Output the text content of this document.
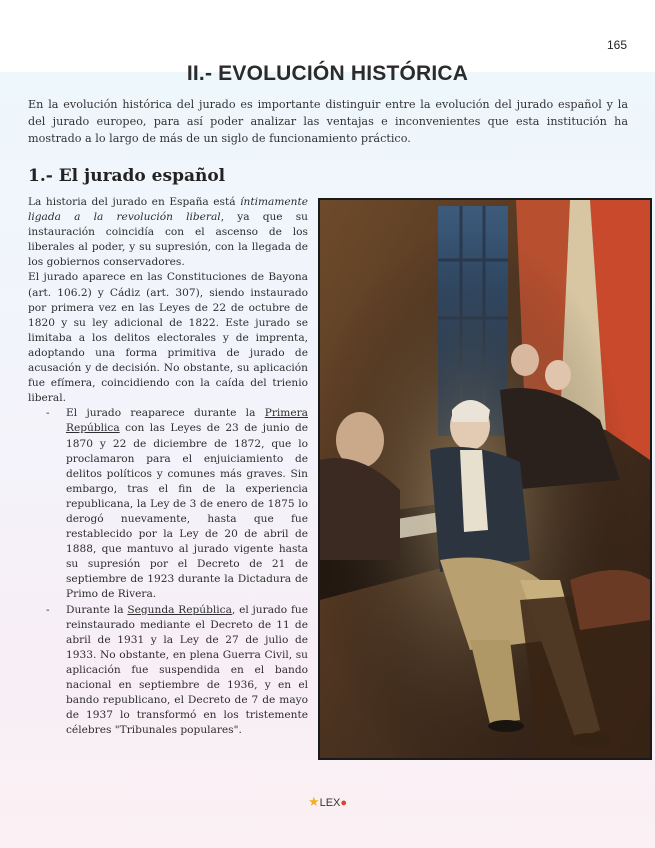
165
II.- EVOLUCIÓN HISTÓRICA

En la evolución histórica del jurado es importante distinguir entre la evolución del jurado español y la del jurado europeo, para así poder analizar las ventajas e inconvenientes que esta institución ha mostrado a lo largo de más de un siglo de funcionamiento práctico.

1.- El jurado español

La historia del jurado en España está íntimamente ligada a la revolución liberal, ya que su instauración coincidía con el ascenso de los liberales al poder, y su supresión, con la llegada de los gobiernos conservadores.

El jurado aparece en las Constituciones de Bayona (art. 106.2) y Cádiz (art. 307), siendo instaurado por primera vez en las Leyes de 22 de octubre de 1820 y su ley adicional de 1822. Este jurado se limitaba a los delitos electorales y de imprenta, adoptando una forma primitiva de jurado de acusación y de decisión. No obstante, su aplicación fue efímera, coincidiendo con la caída del trienio liberal.

- El jurado reaparece durante la Primera República con las Leyes de 23 de junio de 1870 y 22 de diciembre de 1872, que lo proclamaron para el enjuiciamiento de delitos políticos y comunes más graves. Sin embargo, tras el fin de la experiencia republicana, la Ley de 3 de enero de 1875 lo derogó nuevamente, hasta que fue restablecido por la Ley de 20 de abril de 1888, que mantuvo al jurado vigente hasta su supresión por el Decreto de 21 de septiembre de 1923 durante la Dictadura de Primo de Rivera.
- Durante la Segunda República, el jurado fue reinstaurado mediante el Decreto de 11 de abril de 1931 y la Ley de 27 de julio de 1933. No obstante, en plena Guerra Civil, su aplicación fue suspendida en el bando nacional en septiembre de 1936, y en el bando republicano, el Decreto de 7 de mayo de 1937 lo transformó en los tristemente célebres "Tribunales populares".
★LEX●
